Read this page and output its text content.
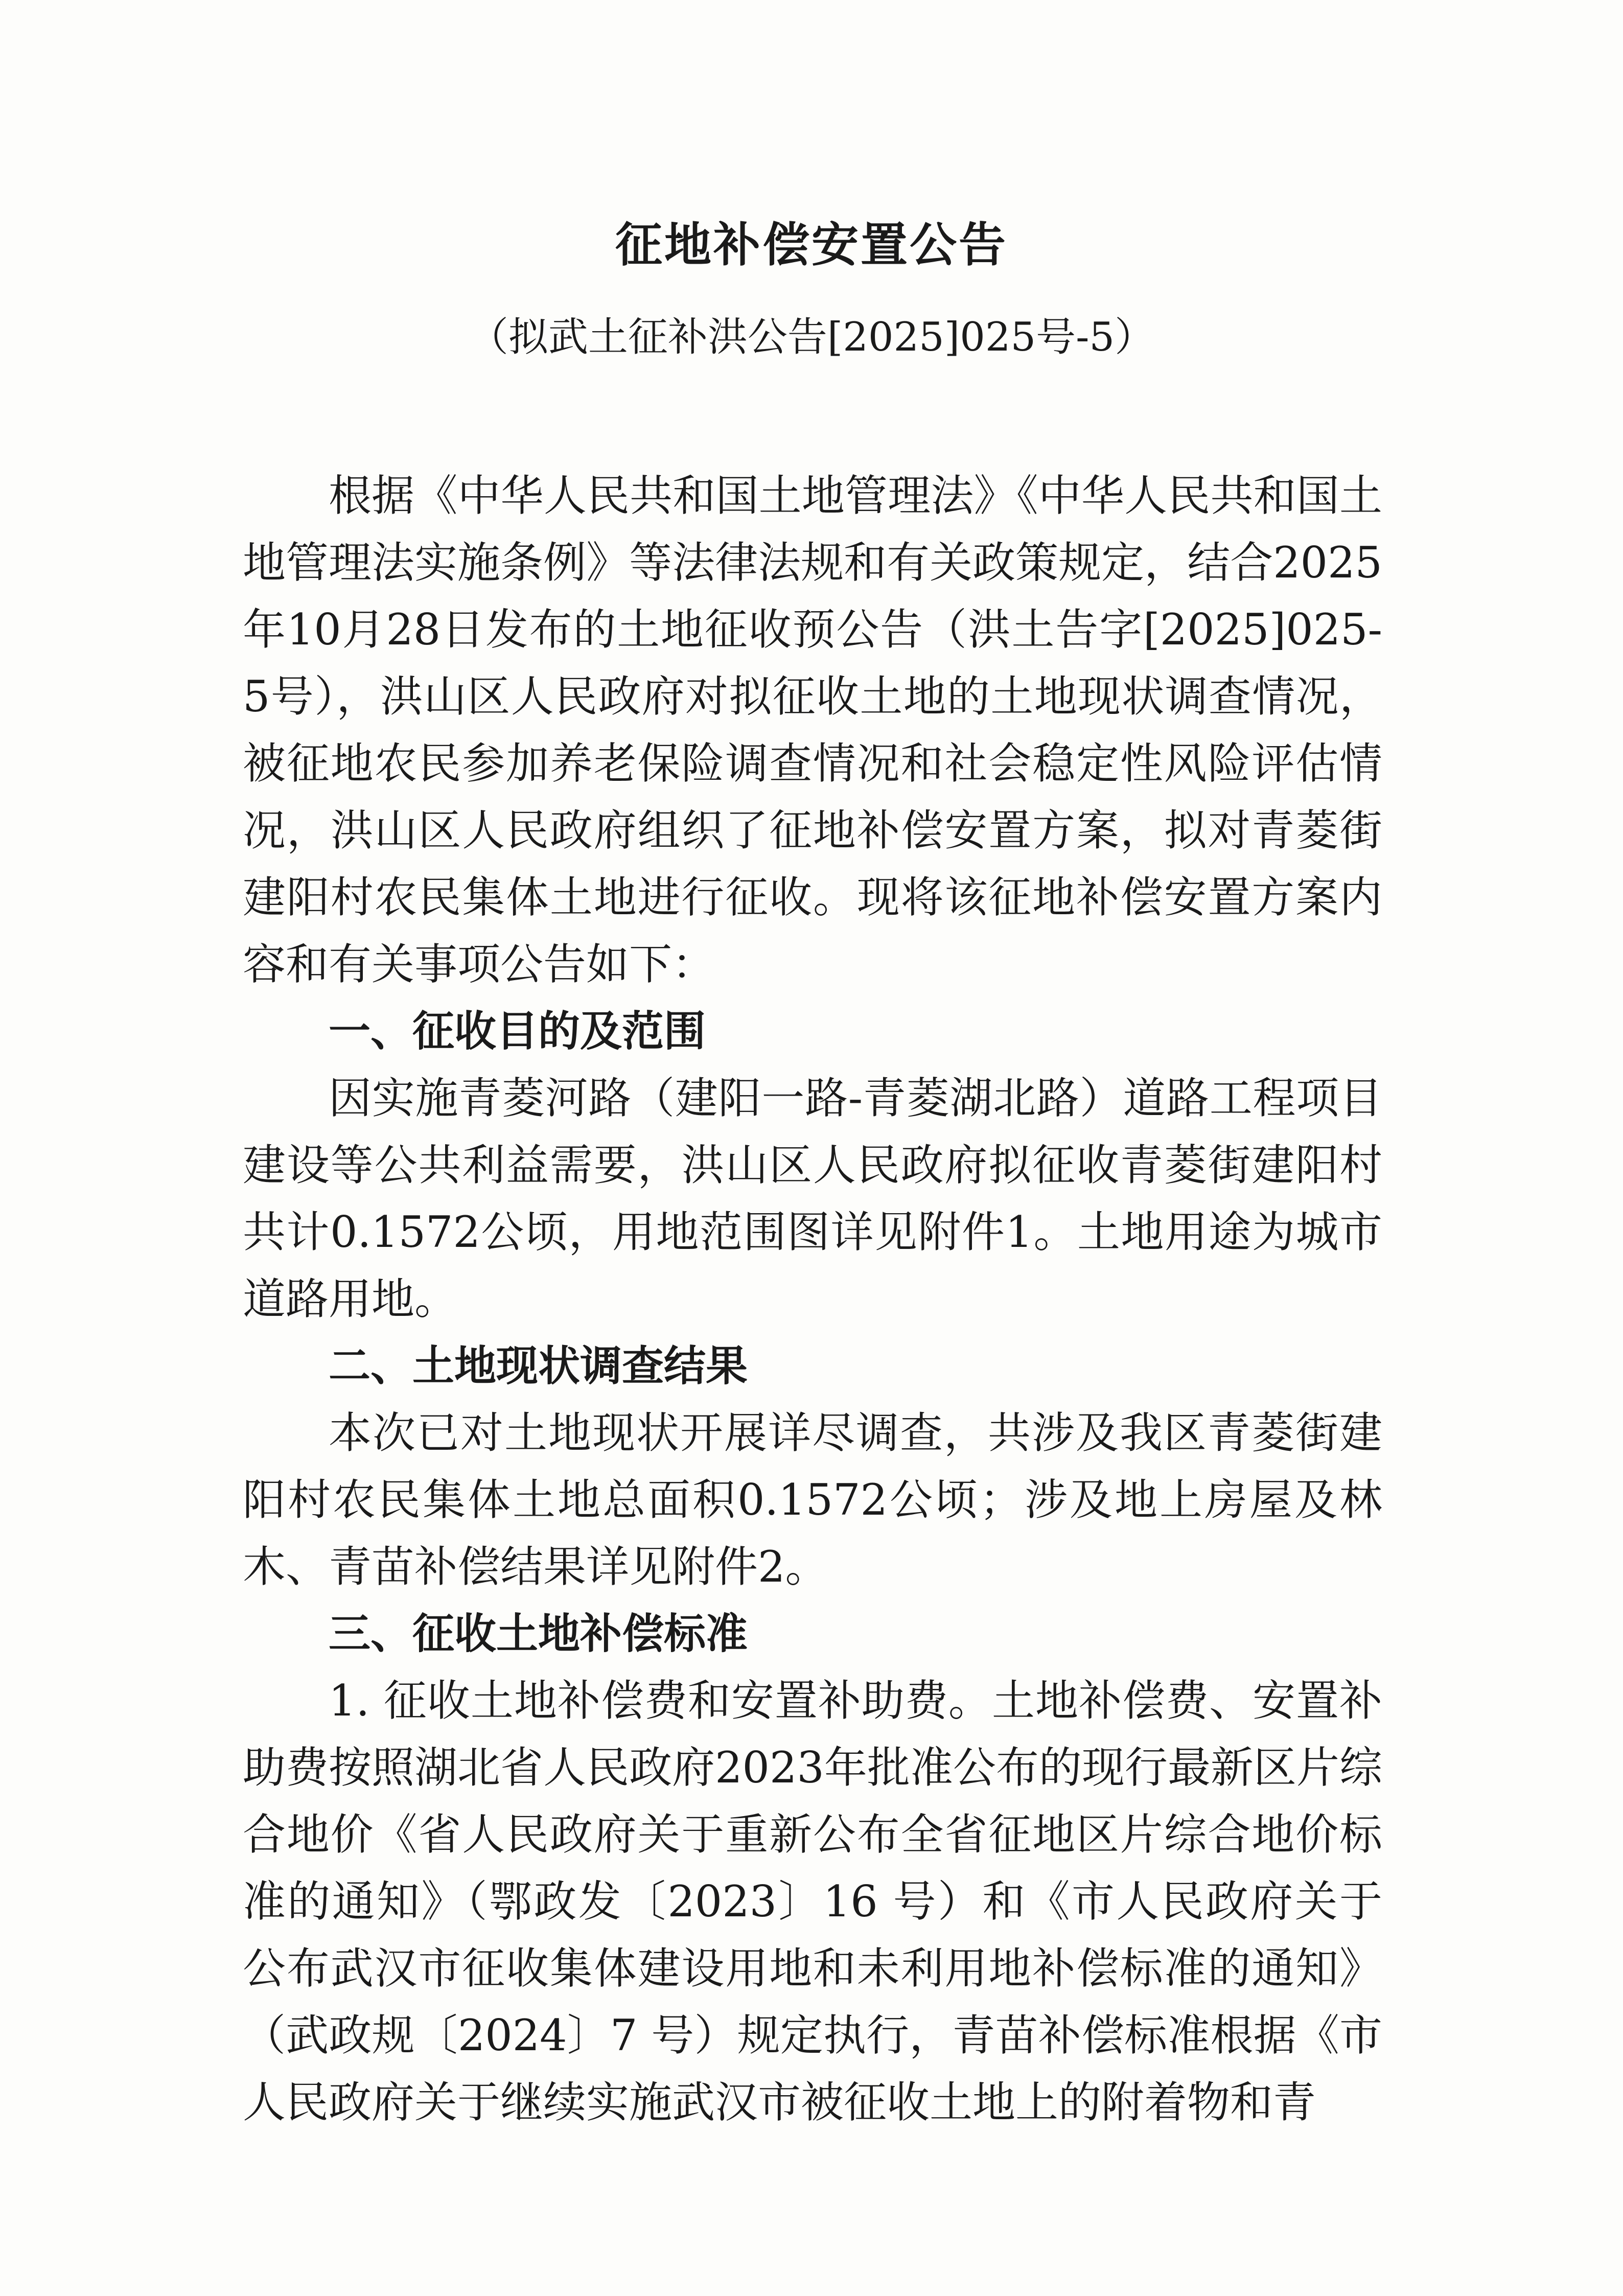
征地补偿安置公告
（拟武土征补洪公告[2025]025号-5）

根据《中华人民共和国土地管理法》《中华人民共和国土地管理法实施条例》等法律法规和有关政策规定，结合2025年10月28日发布的土地征收预公告（洪土告字[2025]025-5号），洪山区人民政府对拟征收土地的土地现状调查情况，被征地农民参加养老保险调查情况和社会稳定性风险评估情况，洪山区人民政府组织了征地补偿安置方案，拟对青菱街建阳村农民集体土地进行征收。现将该征地补偿安置方案内容和有关事项公告如下：

一、征收目的及范围

因实施青菱河路（建阳一路-青菱湖北路）道路工程项目建设等公共利益需要，洪山区人民政府拟征收青菱街建阳村共计0.1572公顷，用地范围图详见附件1。土地用途为城市道路用地。

二、土地现状调查结果

本次已对土地现状开展详尽调查，共涉及我区青菱街建阳村农民集体土地总面积0.1572公顷；涉及地上房屋及林木、青苗补偿结果详见附件2。

三、征收土地补偿标准

1. 征收土地补偿费和安置补助费。土地补偿费、安置补助费按照湖北省人民政府2023年批准公布的现行最新区片综合地价《省人民政府关于重新公布全省征地区片综合地价标准的通知》（鄂政发〔2023〕16 号）和《市人民政府关于公布武汉市征收集体建设用地和未利用地补偿标准的通知》（武政规〔2024〕7 号）规定执行，青苗补偿标准根据《市人民政府关于继续实施武汉市被征收土地上的附着物和青
